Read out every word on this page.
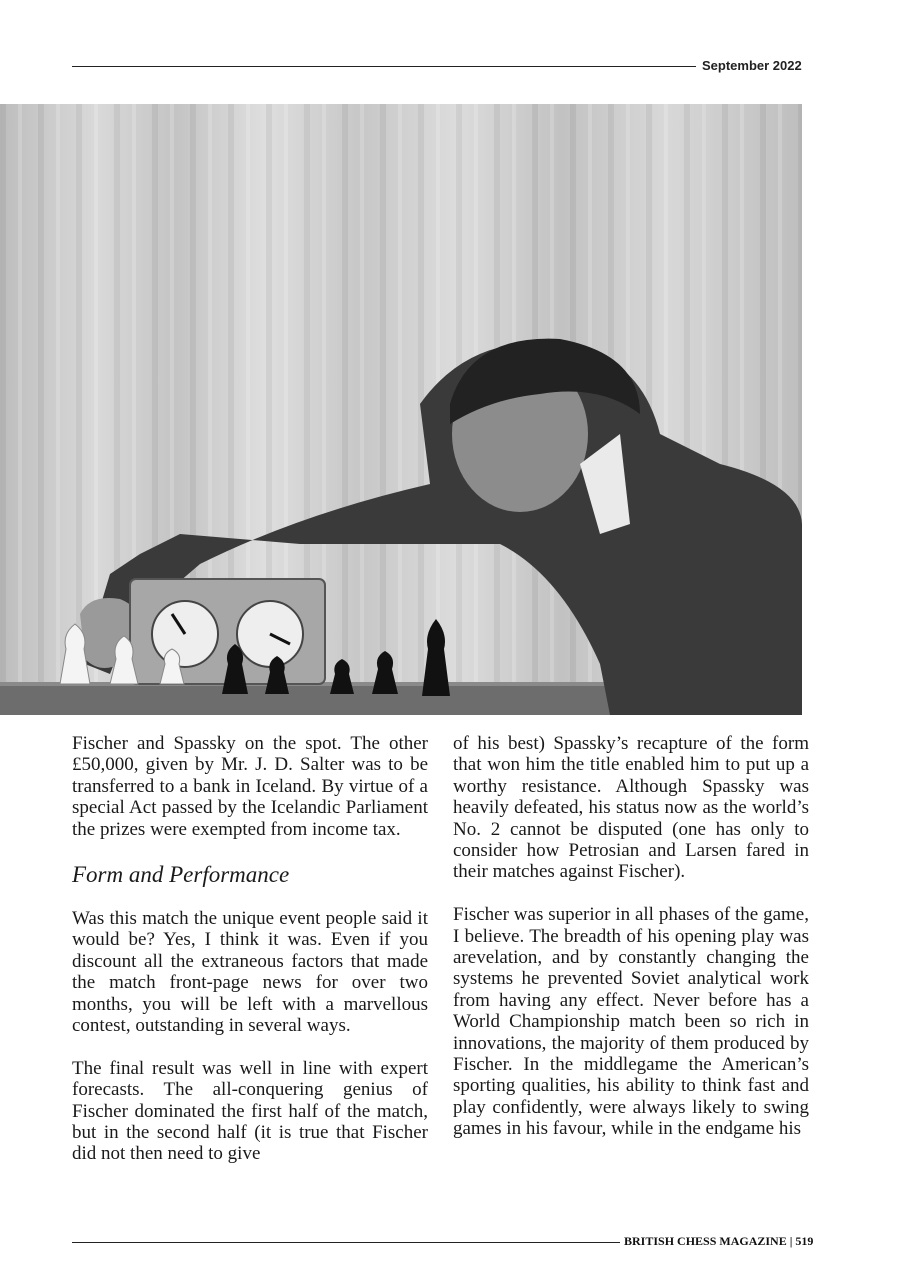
September 2022

Fischer and Spassky on the spot. The other £50,000, given by Mr. J. D. Salter was to be transferred to a bank in Iceland. By virtue of a special Act passed by the Icelandic Parliament the prizes were exempted from income tax.

Form and Performance

Was this match the unique event people said it would be? Yes, I think it was. Even if you discount all the extraneous factors that made the match front-page news for over two months, you will be left with a marvellous contest, outstanding in several ways.

The final result was well in line with expert forecasts. The all-conquering genius of Fischer dominated the first half of the match, but in the second half (it is true that Fischer did not then need to give

of his best) Spassky’s recapture of the form that won him the title enabled him to put up a worthy resistance. Although Spassky was heavily defeated, his status now as the world’s No. 2 cannot be disputed (one has only to consider how Petrosian and Larsen fared in their matches against Fischer).

Fischer was superior in all phases of the game, I believe. The breadth of his opening play was arevelation, and by constantly changing the systems he prevented Soviet analytical work from having any effect. Never before has a World Championship match been so rich in innovations, the majority of them produced by Fischer. In the middlegame the American’s sporting qualities, his ability to think fast and play confidently, were always likely to swing games in his favour, while in the endgame his

BRITISH CHESS MAGAZINE | 519
